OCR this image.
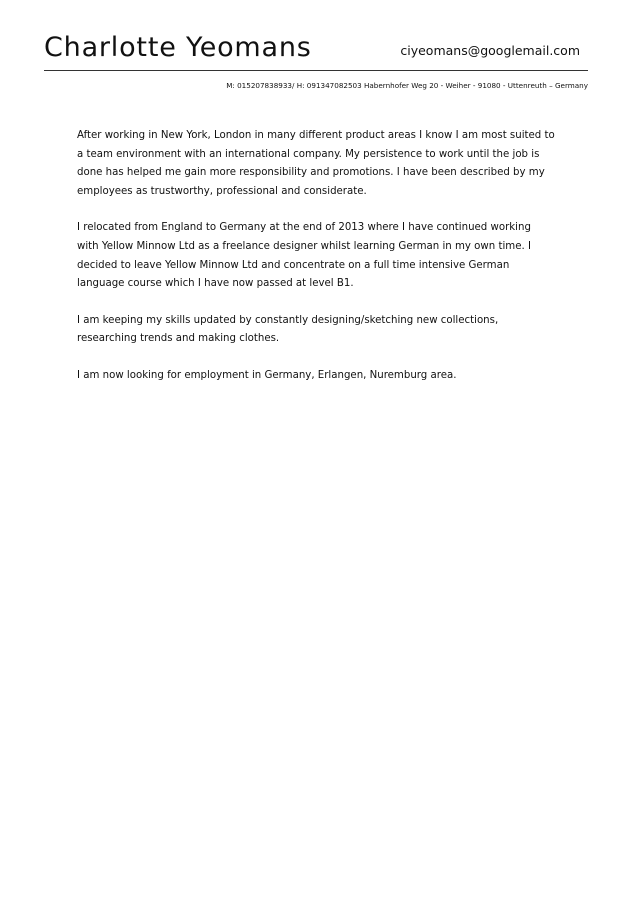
Charlotte Yeomans	ciyeomans@googlemail.com
M: 015207838933/ H: 091347082503 Habernhofer Weg 20 - Weiher - 91080 - Uttenreuth – Germany

After working in New York, London in many different product areas I know I am most suited to
a team environment with an international company. My persistence to work until the job is
done has helped me gain more responsibility and promotions. I have been described by my
employees as trustworthy, professional and considerate.

I relocated from England to Germany at the end of 2013 where I have continued working
with Yellow Minnow Ltd as a freelance designer whilst learning German in my own time. I
decided to leave Yellow Minnow Ltd and concentrate on a full time intensive German
language course which I have now passed at level B1.

I am keeping my skills updated by constantly designing/sketching new collections,
researching trends and making clothes.

I am now looking for employment in Germany, Erlangen, Nuremburg area.
